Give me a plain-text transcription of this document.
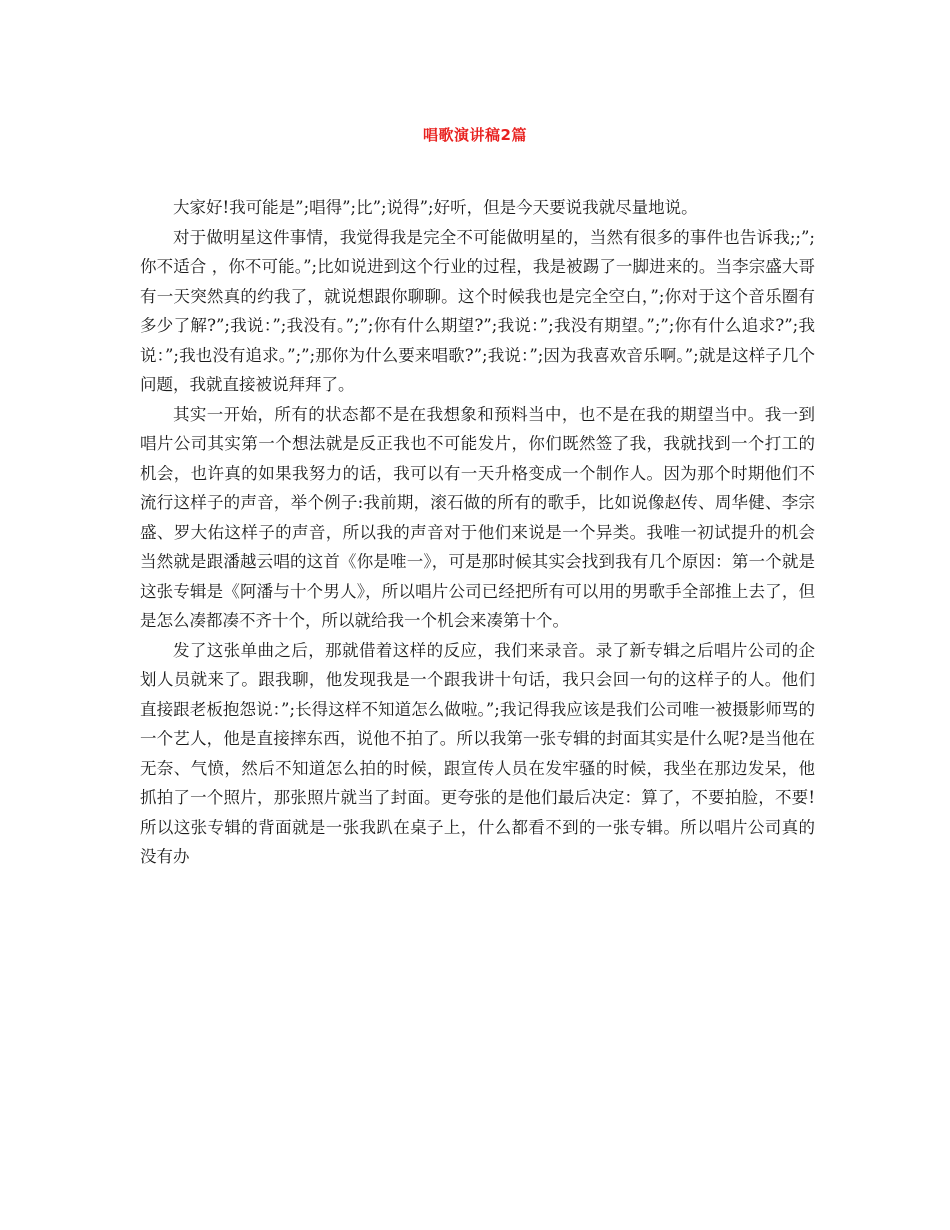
唱歌演讲稿2篇

大家好!我可能是”;唱得”;比”;说得”;好听，但是今天要说我就尽量地说。

对于做明星这件事情，我觉得我是完全不可能做明星的，当然有很多的事件也告诉我;;”;你不适合 ，你不可能。”;比如说进到这个行业的过程，我是被踢了一脚进来的。当李宗盛大哥有一天突然真的约我了，就说想跟你聊聊。这个时候我也是完全空白，”;你对于这个音乐圈有多少了解?”;我说：”;我没有。”;”;你有什么期望?”;我说：”;我没有期望。”;”;你有什么追求?”;我说：”;我也没有追求。”;”;那你为什么要来唱歌?”;我说：”;因为我喜欢音乐啊。”;就是这样子几个问题，我就直接被说拜拜了。

其实一开始，所有的状态都不是在我想象和预料当中，也不是在我的期望当中。我一到唱片公司其实第一个想法就是反正我也不可能发片，你们既然签了我，我就找到一个打工的机会，也许真的如果我努力的话，我可以有一天升格变成一个制作人。因为那个时期他们不流行这样子的声音，举个例子:我前期，滚石做的所有的歌手，比如说像赵传、周华健、李宗盛、罗大佑这样子的声音，所以我的声音对于他们来说是一个异类。我唯一初试提升的机会当然就是跟潘越云唱的这首《你是唯一》，可是那时候其实会找到我有几个原因：第一个就是这张专辑是《阿潘与十个男人》，所以唱片公司已经把所有可以用的男歌手全部推上去了，但是怎么凑都凑不齐十个，所以就给我一个机会来凑第十个。

发了这张单曲之后，那就借着这样的反应，我们来录音。录了新专辑之后唱片公司的企划人员就来了。跟我聊，他发现我是一个跟我讲十句话，我只会回一句的这样子的人。他们直接跟老板抱怨说：”;长得这样不知道怎么做啦。”;我记得我应该是我们公司唯一被摄影师骂的一个艺人，他是直接摔东西，说他不拍了。所以我第一张专辑的封面其实是什么呢?是当他在无奈、气愤，然后不知道怎么拍的时候，跟宣传人员在发牢骚的时候，我坐在那边发呆，他抓拍了一个照片，那张照片就当了封面。更夸张的是他们最后决定：算了，不要拍脸，不要!所以这张专辑的背面就是一张我趴在桌子上，什么都看不到的一张专辑。所以唱片公司真的没有办
